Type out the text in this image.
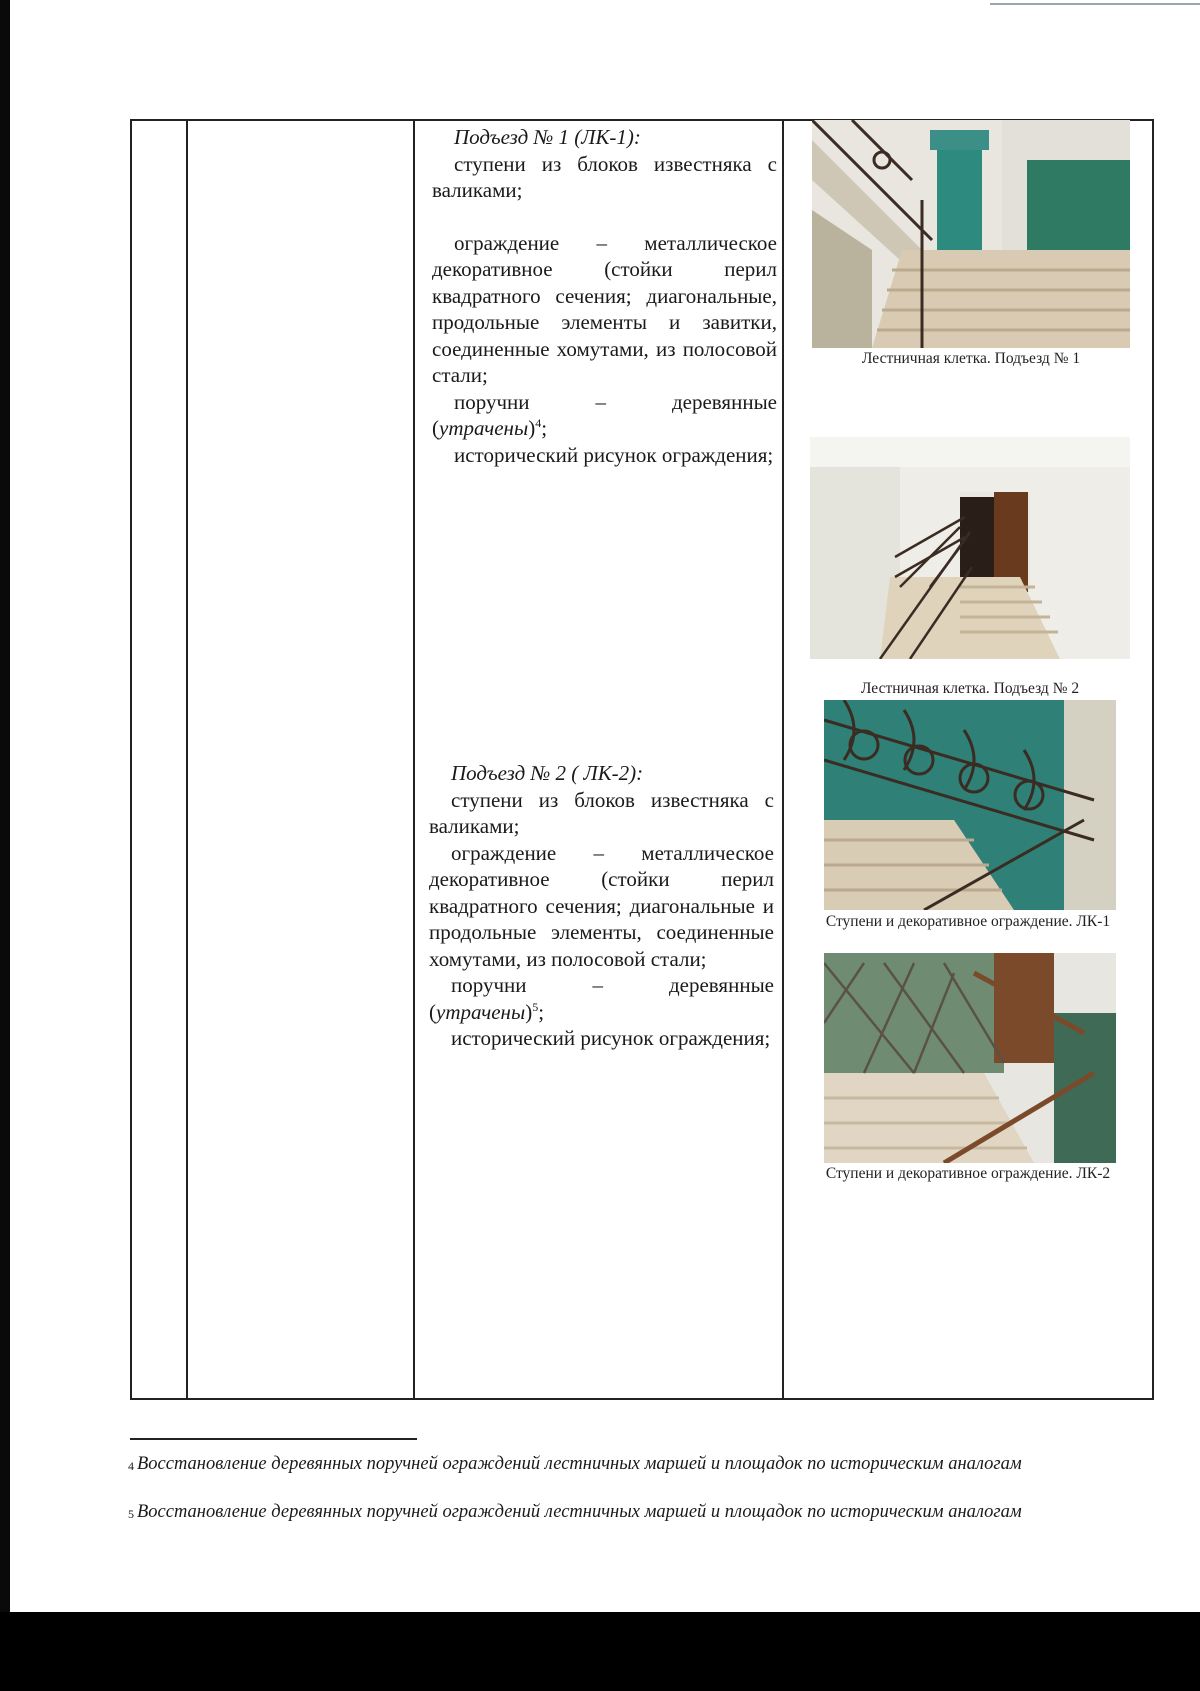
Подъезд № 1 (ЛК-1):

ступени из блоков известняка с валиками;

ограждение – металлическое декоративное (стойки перил квадратного сечения; диагональные, продольные элементы и завитки, соединенные хомутами, из полосовой стали;

поручни – деревянные

(утрачены)$^4$;

исторический рисунок ограждения;

Подъезд № 2 ( ЛК-2):

ступени из блоков известняка с валиками;

ограждение – металлическое декоративное (стойки перил квадратного сечения; диагональные и продольные элементы, соединенные хомутами, из полосовой стали;

поручни – деревянные

(утрачены)$^5$;

исторический рисунок ограждения;

Лестничная клетка. Подъезд № 1
Лестничная клетка. Подъезд № 2
Ступени и декоративное ограждение. ЛК-1
Ступени и декоративное ограждение. ЛК-2
$^4$ Восстановление деревянных поручней ограждений лестничных маршей и площадок по историческим аналогам
$^5$ Восстановление деревянных поручней ограждений лестничных маршей и площадок по историческим аналогам
